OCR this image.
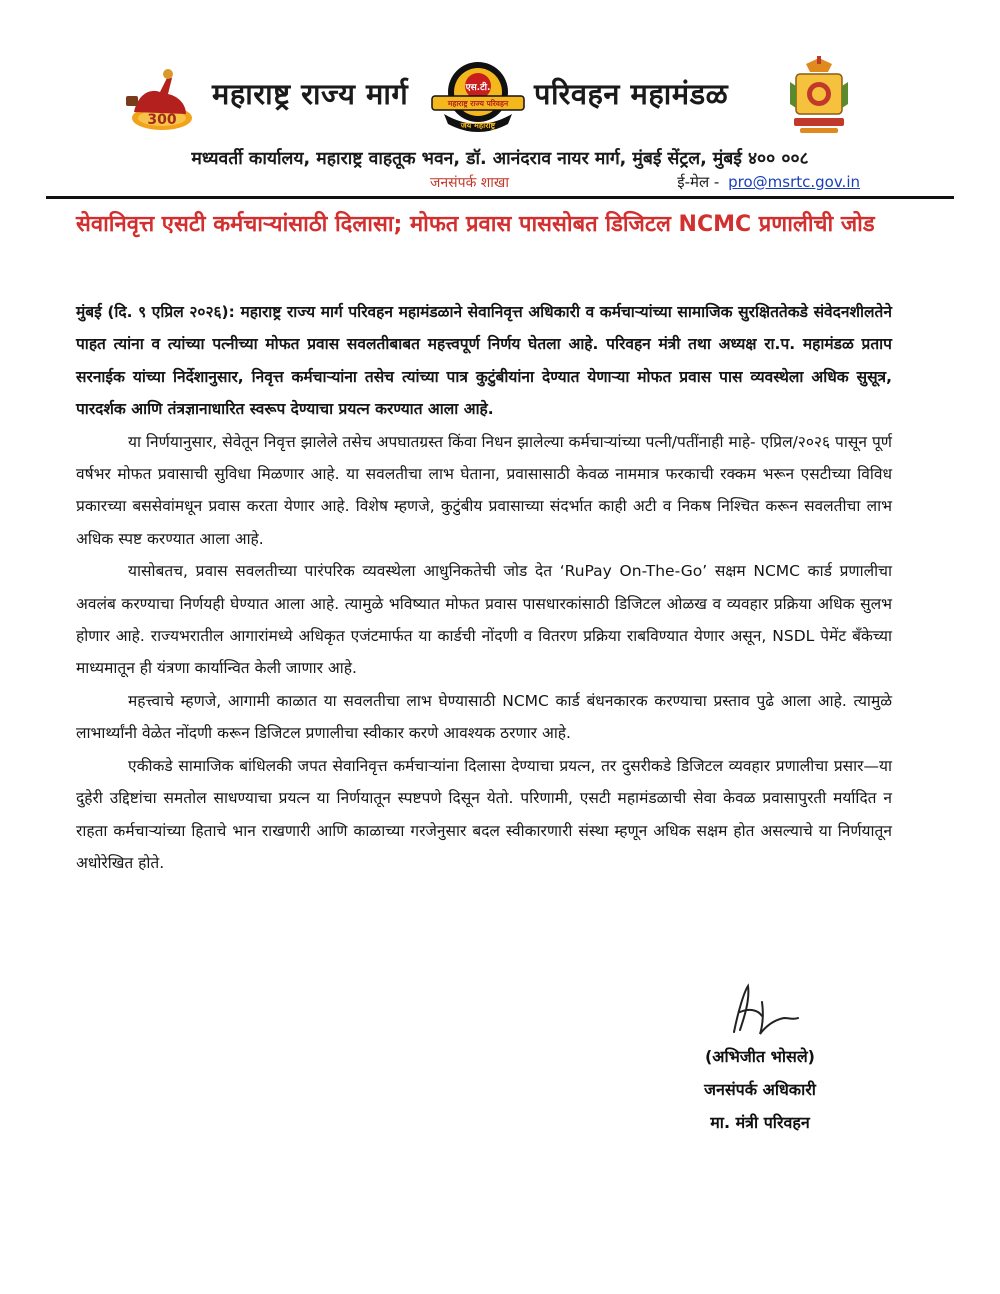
300
महाराष्ट्र राज्य मार्ग	एस.टी.
महाराष्ट्र राज्य परिवहन
जय महाराष्ट्र
परिवहन महामंडळ
मध्यवर्ती कार्यालय, महाराष्ट्र वाहतूक भवन, डॉ. आनंदराव नायर मार्ग, मुंबई सेंट्रल, मुंबई ४०० ००८
जनसंपर्क शाखा	ई-मेल - pro@msrtc.gov.in
सेवानिवृत्त एसटी कर्मचाऱ्यांसाठी दिलासा; मोफत प्रवास पाससोबत डिजिटल NCMC प्रणालीची जोड

मुंबई (दि. ९ एप्रिल २०२६): महाराष्ट्र राज्य मार्ग परिवहन महामंडळाने सेवानिवृत्त अधिकारी व कर्मचाऱ्यांच्या सामाजिक सुरक्षिततेकडे संवेदनशीलतेने पाहत त्यांना व त्यांच्या पत्नीच्या मोफत प्रवास सवलतीबाबत महत्त्वपूर्ण निर्णय घेतला आहे. परिवहन मंत्री तथा अध्यक्ष रा.प. महामंडळ प्रताप सरनाईक यांच्या निर्देशानुसार, निवृत्त कर्मचाऱ्यांना तसेच त्यांच्या पात्र कुटुंबीयांना देण्यात येणाऱ्या मोफत प्रवास पास व्यवस्थेला अधिक सुसूत्र, पारदर्शक आणि तंत्रज्ञानाधारित स्वरूप देण्याचा प्रयत्न करण्यात आला आहे.

या निर्णयानुसार, सेवेतून निवृत्त झालेले तसेच अपघातग्रस्त किंवा निधन झालेल्या कर्मचाऱ्यांच्या पत्नी/पतींनाही माहे- एप्रिल/२०२६ पासून पूर्ण वर्षभर मोफत प्रवासाची सुविधा मिळणार आहे. या सवलतीचा लाभ घेताना, प्रवासासाठी केवळ नाममात्र फरकाची रक्कम भरून एसटीच्या विविध प्रकारच्या बससेवांमधून प्रवास करता येणार आहे. विशेष म्हणजे, कुटुंबीय प्रवासाच्या संदर्भात काही अटी व निकष निश्चित करून सवलतीचा लाभ अधिक स्पष्ट करण्यात आला आहे.

यासोबतच, प्रवास सवलतीच्या पारंपरिक व्यवस्थेला आधुनिकतेची जोड देत ‘RuPay On-The-Go’ सक्षम NCMC कार्ड प्रणालीचा अवलंब करण्याचा निर्णयही घेण्यात आला आहे. त्यामुळे भविष्यात मोफत प्रवास पासधारकांसाठी डिजिटल ओळख व व्यवहार प्रक्रिया अधिक सुलभ होणार आहे. राज्यभरातील आगारांमध्ये अधिकृत एजंटमार्फत या कार्डची नोंदणी व वितरण प्रक्रिया राबविण्यात येणार असून, NSDL पेमेंट बँकेच्या माध्यमातून ही यंत्रणा कार्यान्वित केली जाणार आहे.

महत्त्वाचे म्हणजे, आगामी काळात या सवलतीचा लाभ घेण्यासाठी NCMC कार्ड बंधनकारक करण्याचा प्रस्ताव पुढे आला आहे. त्यामुळे लाभार्थ्यांनी वेळेत नोंदणी करून डिजिटल प्रणालीचा स्वीकार करणे आवश्यक ठरणार आहे.

एकीकडे सामाजिक बांधिलकी जपत सेवानिवृत्त कर्मचाऱ्यांना दिलासा देण्याचा प्रयत्न, तर दुसरीकडे डिजिटल व्यवहार प्रणालीचा प्रसार—या दुहेरी उद्दिष्टांचा समतोल साधण्याचा प्रयत्न या निर्णयातून स्पष्टपणे दिसून येतो. परिणामी, एसटी महामंडळाची सेवा केवळ प्रवासापुरती मर्यादित न राहता कर्मचाऱ्यांच्या हिताचे भान राखणारी आणि काळाच्या गरजेनुसार बदल स्वीकारणारी संस्था म्हणून अधिक सक्षम होत असल्याचे या निर्णयातून अधोरेखित होते.

(अभिजीत भोसले)
जनसंपर्क अधिकारी
मा. मंत्री परिवहन
